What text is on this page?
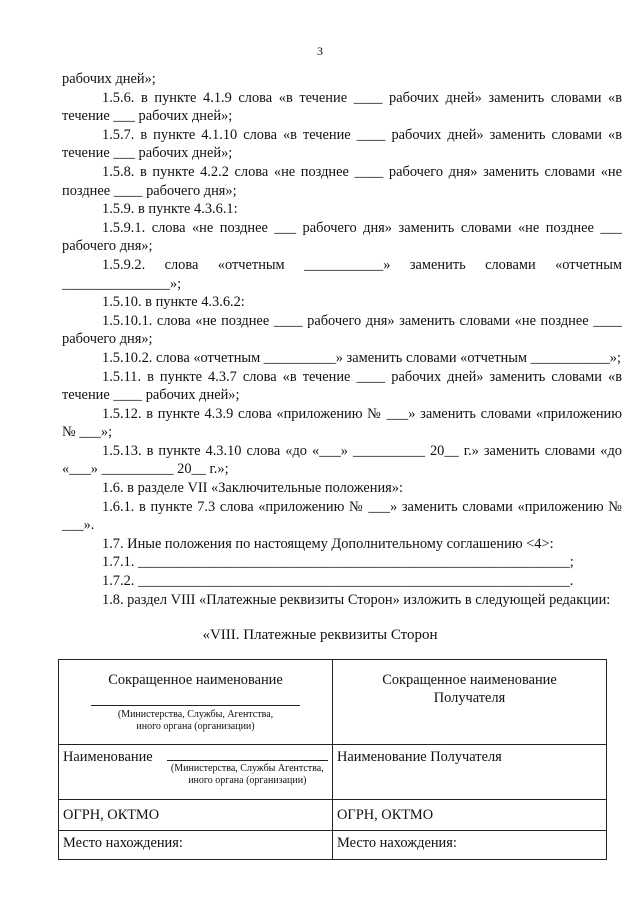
3

рабочих дней»;

1.5.6. в пункте 4.1.9 слова «в течение ____ рабочих дней» заменить словами «в течение ___ рабочих дней»;

1.5.7. в пункте 4.1.10 слова «в течение ____ рабочих дней» заменить словами «в течение ___ рабочих дней»;

1.5.8. в пункте 4.2.2 слова «не позднее ____ рабочего дня» заменить словами «не позднее ____ рабочего дня»;

1.5.9. в пункте 4.3.6.1:

1.5.9.1. слова «не позднее ___ рабочего дня» заменить словами «не позднее ___ рабочего дня»;

1.5.9.2. слова «отчетным ___________» заменить словами «отчетным _______________»;

1.5.10. в пункте 4.3.6.2:

1.5.10.1. слова «не позднее ____ рабочего дня» заменить словами «не позднее ____ рабочего дня»;

1.5.10.2. слова «отчетным __________» заменить словами «отчетным ___________»;

1.5.11. в пункте 4.3.7 слова «в течение ____ рабочих дней» заменить словами «в течение ____ рабочих дней»;

1.5.12. в пункте 4.3.9 слова «приложению № ___» заменить словами «приложению № ___»;

1.5.13. в пункте 4.3.10 слова «до «___» __________ 20__ г.» заменить словами «до «___» __________ 20__ г.»;

1.6. в разделе VII «Заключительные положения»:

1.6.1. в пункте 7.3 слова «приложению № ___» заменить словами «приложению № ___».

1.7. Иные положения по настоящему Дополнительному соглашению <4>:

1.7.1. ____________________________________________________________;

1.7.2. ____________________________________________________________.

1.8. раздел VIII «Платежные реквизиты Сторон» изложить в следующей редакции:

«VIII. Платежные реквизиты Сторон
Сокращенное наименование
(Министерства, Службы, Агентства, иного органа (организации)	Сокращенное наименование Получателя

Наименование
(Министерства, Службы Агентства, иного органа (организации)	Наименование Получателя

ОГРН, ОКТМО	ОГРН, ОКТМО
Место нахождения:	Место нахождения:
